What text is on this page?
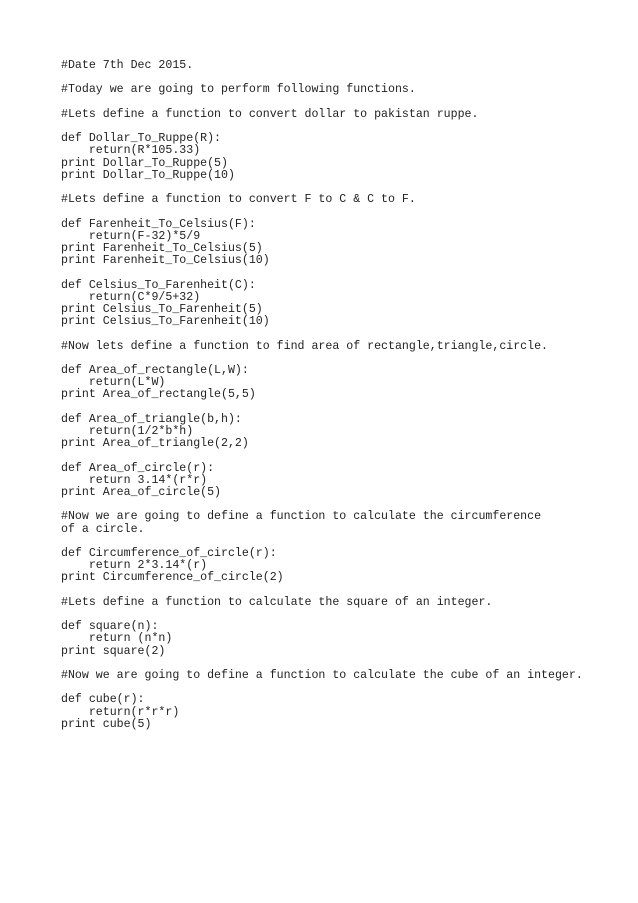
#Date 7th Dec 2015.
#Today we are going to perform following functions.
#Lets define a function to convert dollar to pakistan ruppe.
def Dollar_To_Ruppe(R):
return(R*105.33)
print Dollar_To_Ruppe(5)
print Dollar_To_Ruppe(10)
#Lets define a function to convert F to C & C to F.
def Farenheit_To_Celsius(F):
return(F-32)*5/9
print Farenheit_To_Celsius(5)
print Farenheit_To_Celsius(10)
def Celsius_To_Farenheit(C):
return(C*9/5+32)
print Celsius_To_Farenheit(5)
print Celsius_To_Farenheit(10)
#Now lets define a function to find area of rectangle,triangle,circle.
def Area_of_rectangle(L,W):
return(L*W)
print Area_of_rectangle(5,5)
def Area_of_triangle(b,h):
return(1/2*b*h)
print Area_of_triangle(2,2)
def Area_of_circle(r):
return 3.14*(r*r)
print Area_of_circle(5)
#Now we are going to define a function to calculate the circumference of a circle.
def Circumference_of_circle(r):
return 2*3.14*(r)
print Circumference_of_circle(2)
#Lets define a function to calculate the square of an integer.
def square(n):
return (n*n)
print square(2)
#Now we are going to define a function to calculate the cube of an integer.
def cube(r):
return(r*r*r)
print cube(5)
